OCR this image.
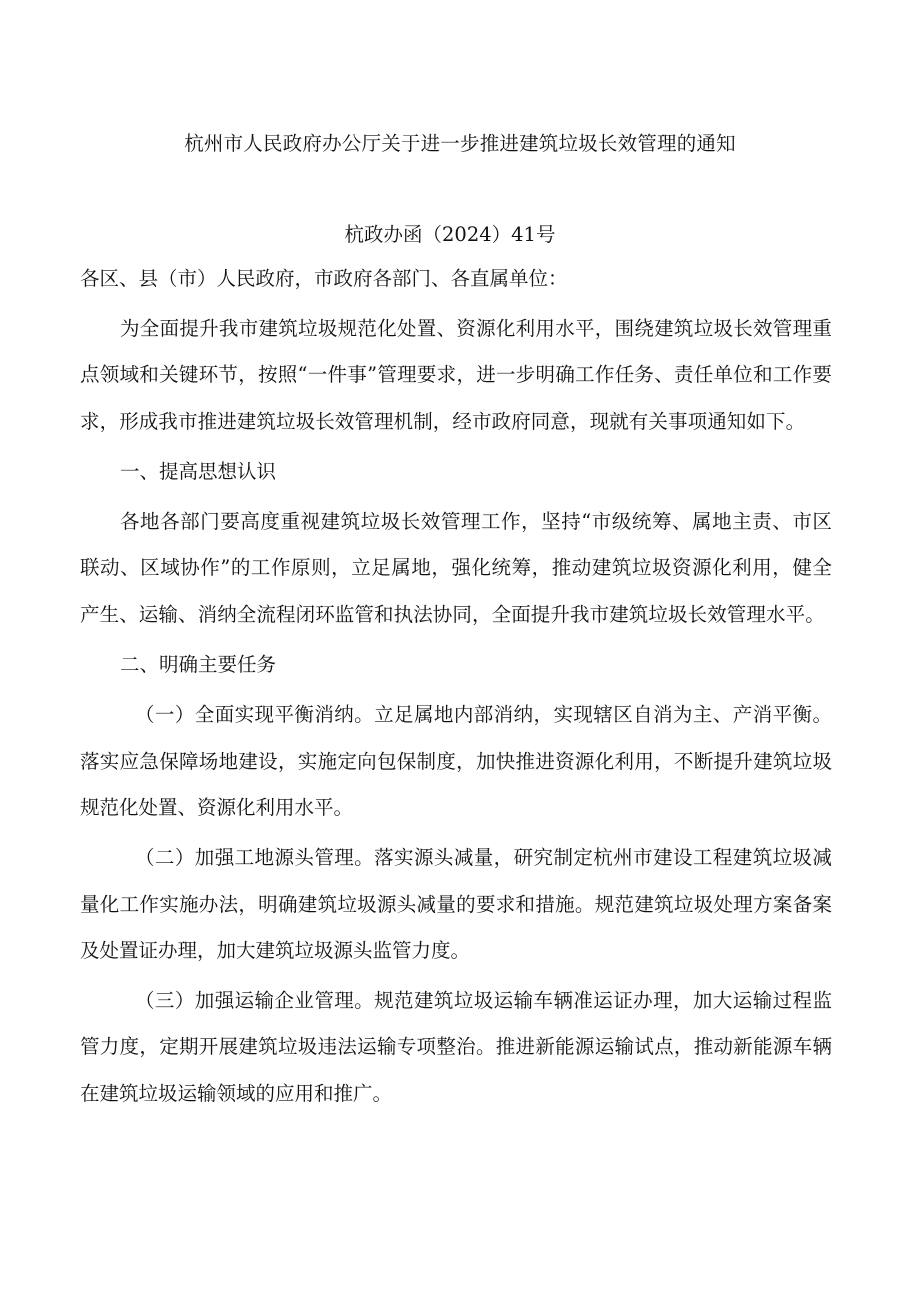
杭州市人民政府办公厅关于进一步推进建筑垃圾长效管理的通知
杭政办函（2024）41号
各区、县（市）人民政府，市政府各部门、各直属单位：

为全面提升我市建筑垃圾规范化处置、资源化利用水平，围绕建筑垃圾长效管理重点领域和关键环节，按照“一件事”管理要求，进一步明确工作任务、责任单位和工作要求，形成我市推进建筑垃圾长效管理机制，经市政府同意，现就有关事项通知如下。

一、提高思想认识

各地各部门要高度重视建筑垃圾长效管理工作，坚持“市级统筹、属地主责、市区联动、区域协作”的工作原则，立足属地，强化统筹，推动建筑垃圾资源化利用，健全产生、运输、消纳全流程闭环监管和执法协同，全面提升我市建筑垃圾长效管理水平。

二、明确主要任务

（一）全面实现平衡消纳。立足属地内部消纳，实现辖区自消为主、产消平衡。落实应急保障场地建设，实施定向包保制度，加快推进资源化利用，不断提升建筑垃圾规范化处置、资源化利用水平。

（二）加强工地源头管理。落实源头减量，研究制定杭州市建设工程建筑垃圾减量化工作实施办法，明确建筑垃圾源头减量的要求和措施。规范建筑垃圾处理方案备案及处置证办理，加大建筑垃圾源头监管力度。

（三）加强运输企业管理。规范建筑垃圾运输车辆准运证办理，加大运输过程监管力度，定期开展建筑垃圾违法运输专项整治。推进新能源运输试点，推动新能源车辆在建筑垃圾运输领域的应用和推广。
